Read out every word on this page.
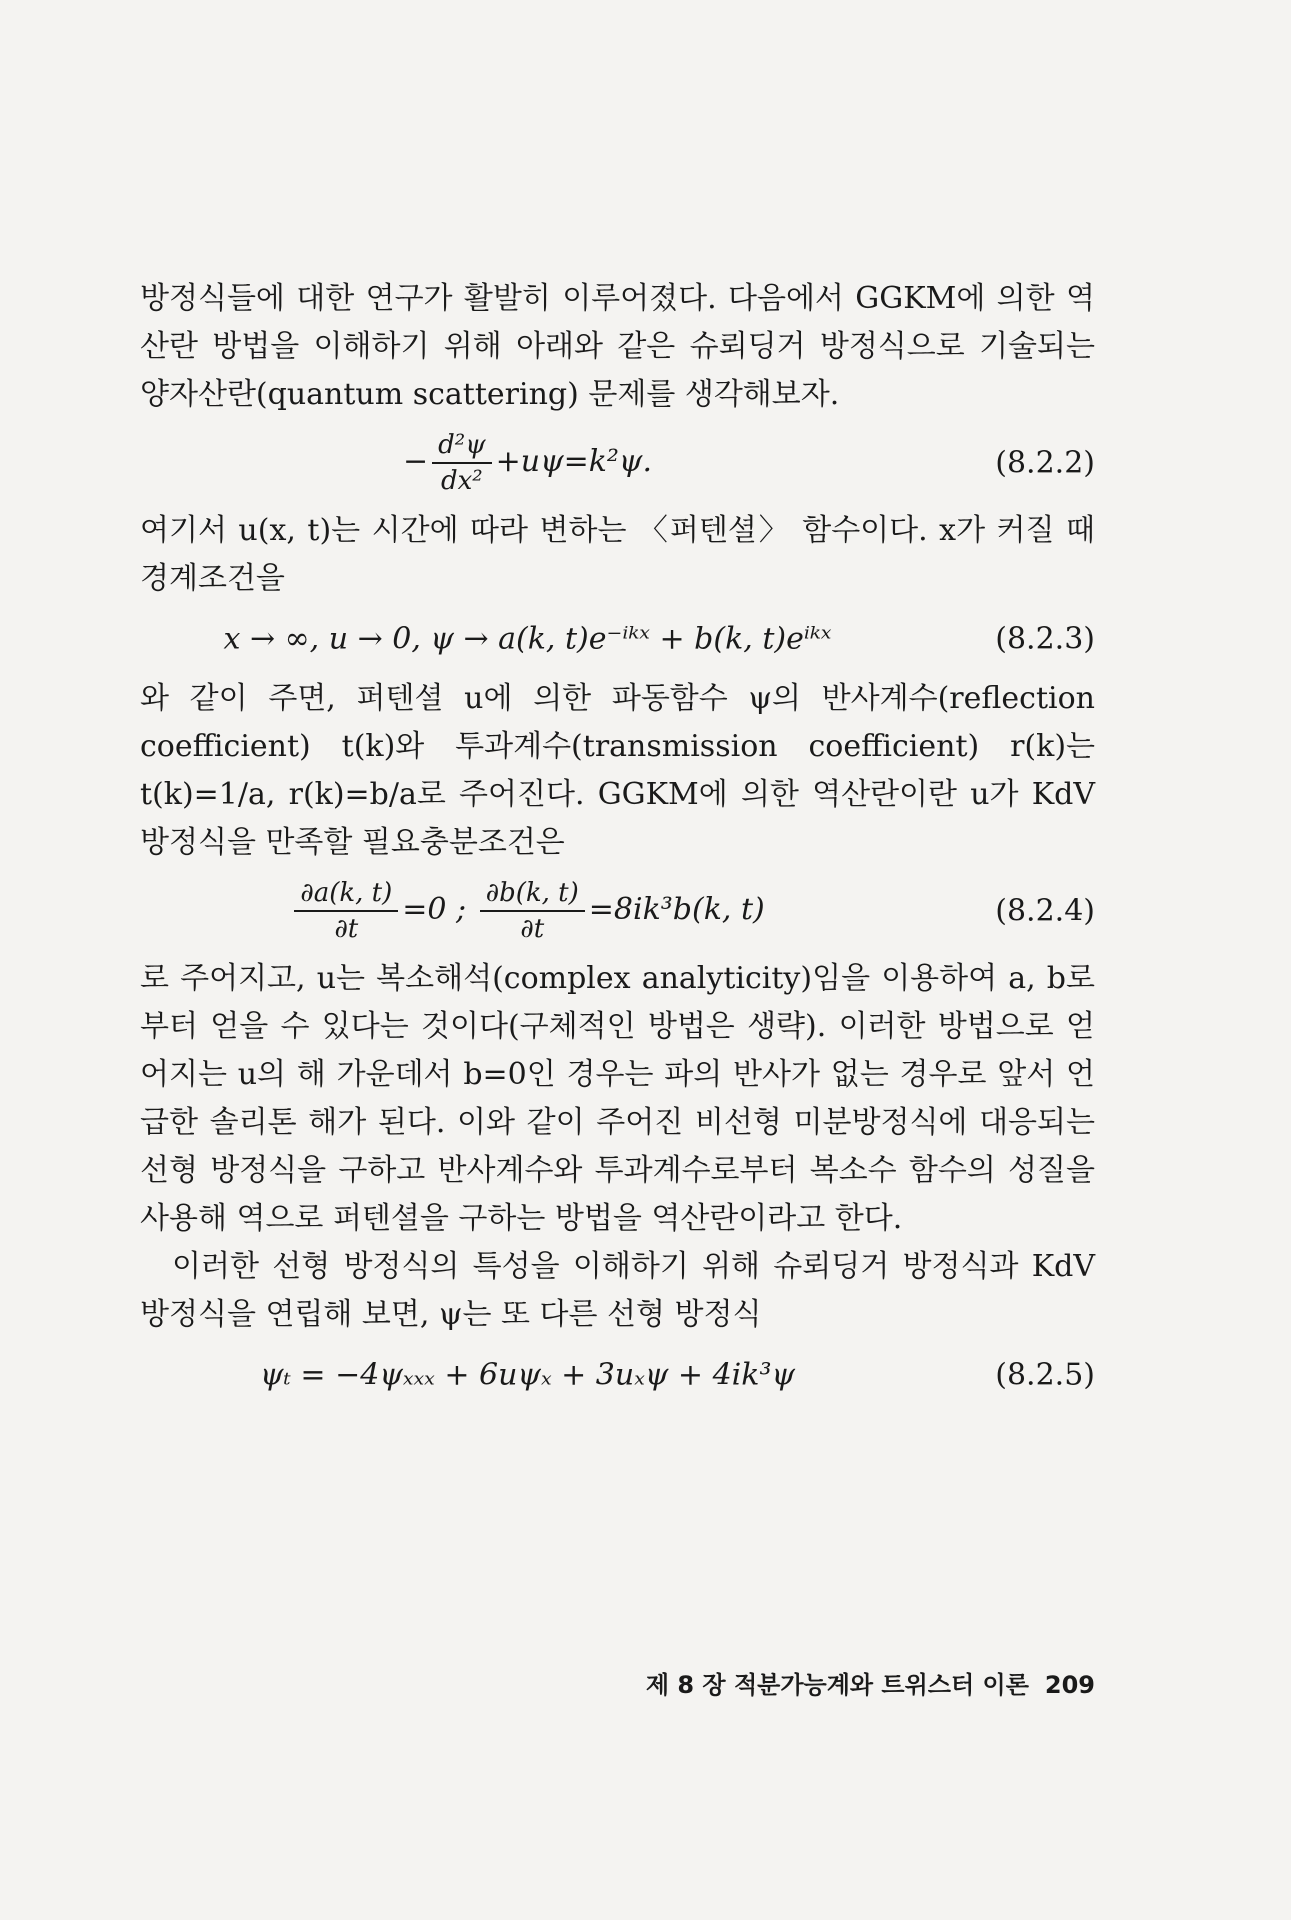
방정식들에 대한 연구가 활발히 이루어졌다. 다음에서 GGKM에 의한 역산란 방법을 이해하기 위해 아래와 같은 슈뢰딩거 방정식으로 기술되는 양자산란(quantum scattering) 문제를 생각해보자.

− $\frac{\text{d²ψ}}{\text{dx²}} +u\psi=k^2\psi$.	(8.2.2)

여기서 u(x, t)는 시간에 따라 변하는 〈퍼텐셜〉 함수이다. x가 커질 때 경계조건을

x → ∞, u → 0, ψ → a(k, t)e⁻ⁱᵏˣ + b(k, t)eⁱᵏˣ	(8.2.3)

와 같이 주면, 퍼텐셜 u에 의한 파동함수 ψ의 반사계수(reflection coefficient) t(k)와 투과계수(transmission coefficient) r(k)는 t(k)=1/a, r(k)=b/a로 주어진다. GGKM에 의한 역산란이란 u가 KdV 방정식을 만족할 필요충분조건은

$\frac{\partial a(k, t)}{\partial t} =0$ ; $\frac{\partial b(k, t)}{\partial t} =8ik^3b(k$, t)	(8.2.4)

로 주어지고, u는 복소해석(complex analyticity)임을 이용하여 a, b로부터 얻을 수 있다는 것이다(구체적인 방법은 생략). 이러한 방법으로 얻어지는 u의 해 가운데서 b=0인 경우는 파의 반사가 없는 경우로 앞서 언급한 솔리톤 해가 된다. 이와 같이 주어진 비선형 미분방정식에 대응되는 선형 방정식을 구하고 반사계수와 투과계수로부터 복소수 함수의 성질을 사용해 역으로 퍼텐셜을 구하는 방법을 역산란이라고 한다.

이러한 선형 방정식의 특성을 이해하기 위해 슈뢰딩거 방정식과 KdV 방정식을 연립해 보면, ψ는 또 다른 선형 방정식

ψₜ = −4ψₓₓₓ + 6uψₓ + 3uₓψ + 4ik³ψ	(8.2.5)
제 8 장 적분가능계와 트위스터 이론 209
